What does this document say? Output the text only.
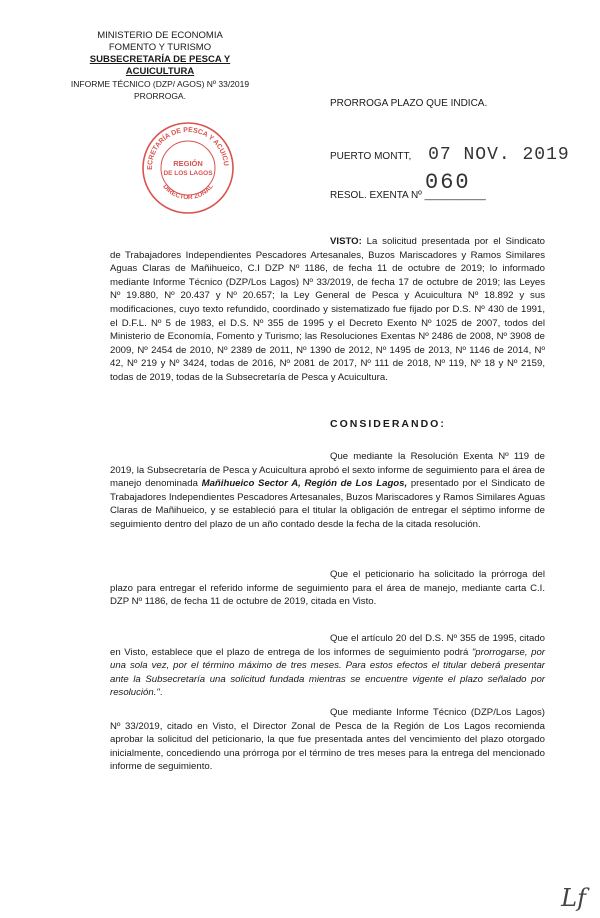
MINISTERIO DE ECONOMIA
FOMENTO Y TURISMO
SUBSECRETARÍA DE PESCA Y ACUICULTURA
INFORME TÉCNICO (DZP/ AGOS) Nº 33/2019
PRORROGA.
ECRETARÍA DE PESCA Y ACUICU
REGIÓN
DE LOS LAGOS
DIRECTOR ZONAL
PRORROGA PLAZO QUE INDICA.
PUERTO MONTT, 07 NOV. 2019
RESOL. EXENTA Nº ___________
060
VISTO: La solicitud presentada por el Sindicato de Trabajadores Independientes Pescadores Artesanales, Buzos Mariscadores y Ramos Similares Aguas Claras de Mañihueico, C.I DZP Nº 1186, de fecha 11 de octubre de 2019; lo informado mediante Informe Técnico (DZP/Los Lagos) Nº 33/2019, de fecha 17 de octubre de 2019; las Leyes Nº 19.880, Nº 20.437 y Nº 20.657; la Ley General de Pesca y Acuicultura Nº 18.892 y sus modificaciones, cuyo texto refundido, coordinado y sistematizado fue fijado por D.S. Nº 430 de 1991, el D.F.L. Nº 5 de 1983, el D.S. Nº 355 de 1995 y el Decreto Exento Nº 1025 de 2007, todos del Ministerio de Economía, Fomento y Turismo; las Resoluciones Exentas Nº 2486 de 2008, Nº 3908 de 2009, Nº 2454 de 2010, Nº 2389 de 2011, Nº 1390 de 2012, Nº 1495 de 2013, Nº 1146 de 2014, Nº 42, Nº 219 y Nº 3424, todas de 2016, Nº 2081 de 2017, Nº 111 de 2018, Nº 119, Nº 18 y Nº 2159, todas de 2019, todas de la Subsecretaría de Pesca y Acuicultura.
CONSIDERANDO:
Que mediante la Resolución Exenta Nº 119 de 2019, la Subsecretaría de Pesca y Acuicultura aprobó el sexto informe de seguimiento para el área de manejo denominada Mañihueico Sector A, Región de Los Lagos, presentado por el Sindicato de Trabajadores Independientes Pescadores Artesanales, Buzos Mariscadores y Ramos Similares Aguas Claras de Mañihueico, y se estableció para el titular la obligación de entregar el séptimo informe de seguimiento dentro del plazo de un año contado desde la fecha de la citada resolución.
Que el peticionario ha solicitado la prórroga del plazo para entregar el referido informe de seguimiento para el área de manejo, mediante carta C.I. DZP Nº 1186, de fecha 11 de octubre de 2019, citada en Visto.
Que el artículo 20 del D.S. Nº 355 de 1995, citado en Visto, establece que el plazo de entrega de los informes de seguimiento podrá "prorrogarse, por una sola vez, por el término máximo de tres meses. Para estos efectos el titular deberá presentar ante la Subsecretaría una solicitud fundada mientras se encuentre vigente el plazo señalado por resolución.".
Que mediante Informe Técnico (DZP/Los Lagos) Nº 33/2019, citado en Visto, el Director Zonal de Pesca de la Región de Los Lagos recomienda aprobar la solicitud del peticionario, la que fue presentada antes del vencimiento del plazo otorgado inicialmente, concediendo una prórroga por el término de tres meses para la entrega del mencionado informe de seguimiento.
Lf
